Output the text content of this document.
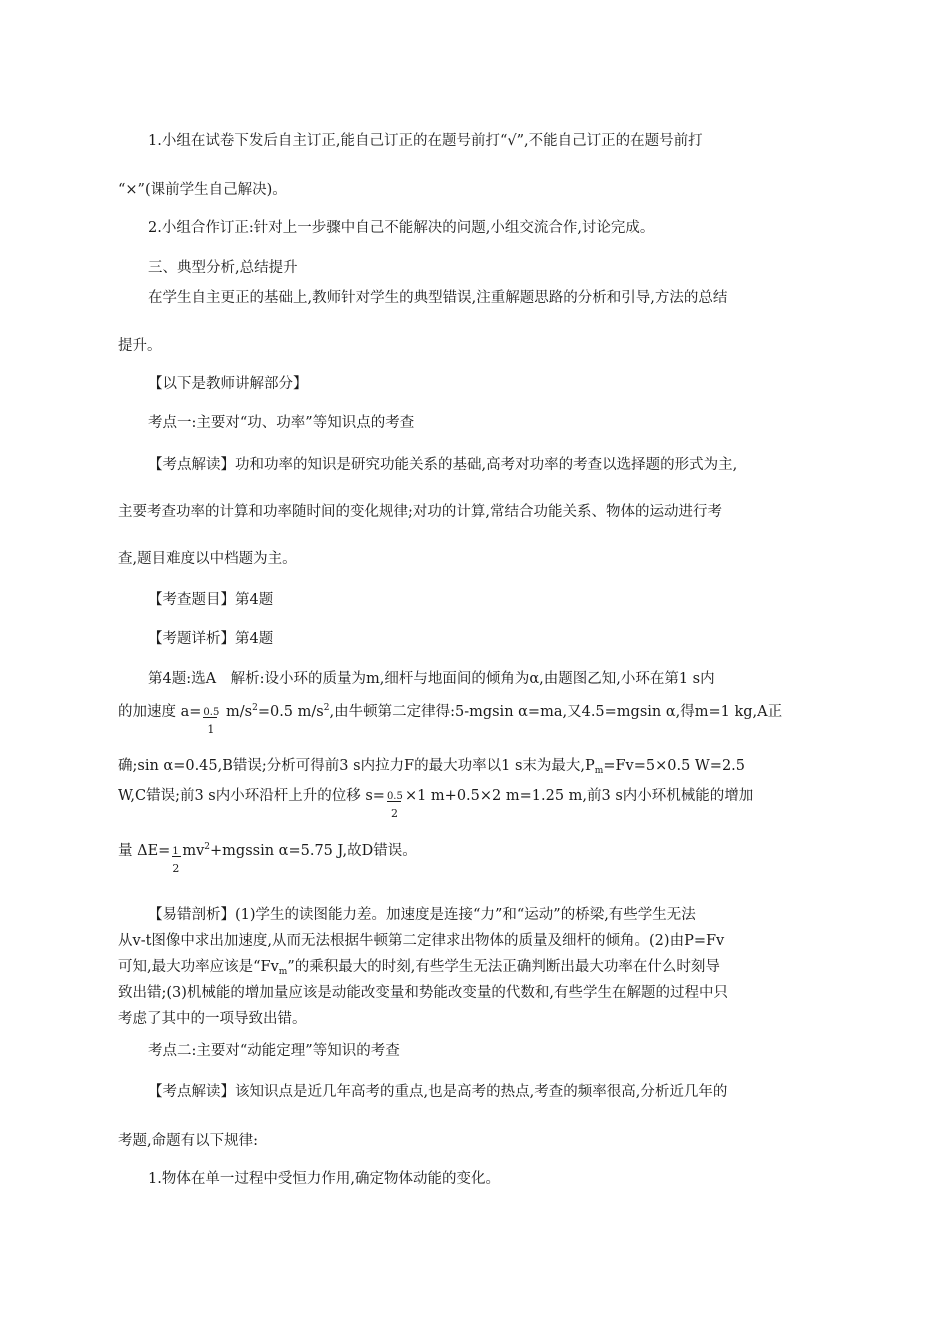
1.小组在试卷下发后自主订正,能自己订正的在题号前打“√”,不能自己订正的在题号前打
“×”(课前学生自己解决)。
2.小组合作订正:针对上一步骤中自己不能解决的问题,小组交流合作,讨论完成。
三、典型分析,总结提升
在学生自主更正的基础上,教师针对学生的典型错误,注重解题思路的分析和引导,方法的总结
提升。
【以下是教师讲解部分】
考点一:主要对“功、功率”等知识点的考查
【考点解读】功和功率的知识是研究功能关系的基础,高考对功率的考查以选择题的形式为主,
主要考查功率的计算和功率随时间的变化规律;对功的计算,常结合功能关系、物体的运动进行考
查,题目难度以中档题为主。
【考查题目】第4题
【考题详析】第4题
第4题:选A　解析:设小环的质量为m,细杆与地面间的倾角为α,由题图乙知,小环在第1 s内
的加速度 $a= \frac{0.5}{1} m/s^2=0.5$ $m/s^2$,由牛顿第二定律得:5-mgsin α=ma,又4.5=mgsin α,得m=1 kg,A正
确;sin α=0.45,B错误;分析可得前3 s内拉力F的最大功率以1 s末为最大$,P_m=Fv=5\times 0.5$ W=2.5
W,C错误;前3 s内小环沿杆上升的位移 $s= \frac{0.5}{2} \times 1$ m+0.5×2 m=1.25 m,前3 s内小环机械能的增加
量 $\Delta E= \frac{1}{2} mv^2+mgssin$ α=5.75 J,故D错误。
【易错剖析】(1)学生的读图能力差。加速度是连接“力”和“运动”的桥梁,有些学生无法
从v-t图像中求出加速度,从而无法根据牛顿第二定律求出物体的质量及细杆的倾角。(2)由P=Fv
可知,最大功率应该是“$Fv_m$”的乘积最大的时刻,有些学生无法正确判断出最大功率在什么时刻导
致出错;(3)机械能的增加量应该是动能改变量和势能改变量的代数和,有些学生在解题的过程中只
考虑了其中的一项导致出错。
考点二:主要对“动能定理”等知识的考查
【考点解读】该知识点是近几年高考的重点,也是高考的热点,考查的频率很高,分析近几年的
考题,命题有以下规律:
1.物体在单一过程中受恒力作用,确定物体动能的变化。
